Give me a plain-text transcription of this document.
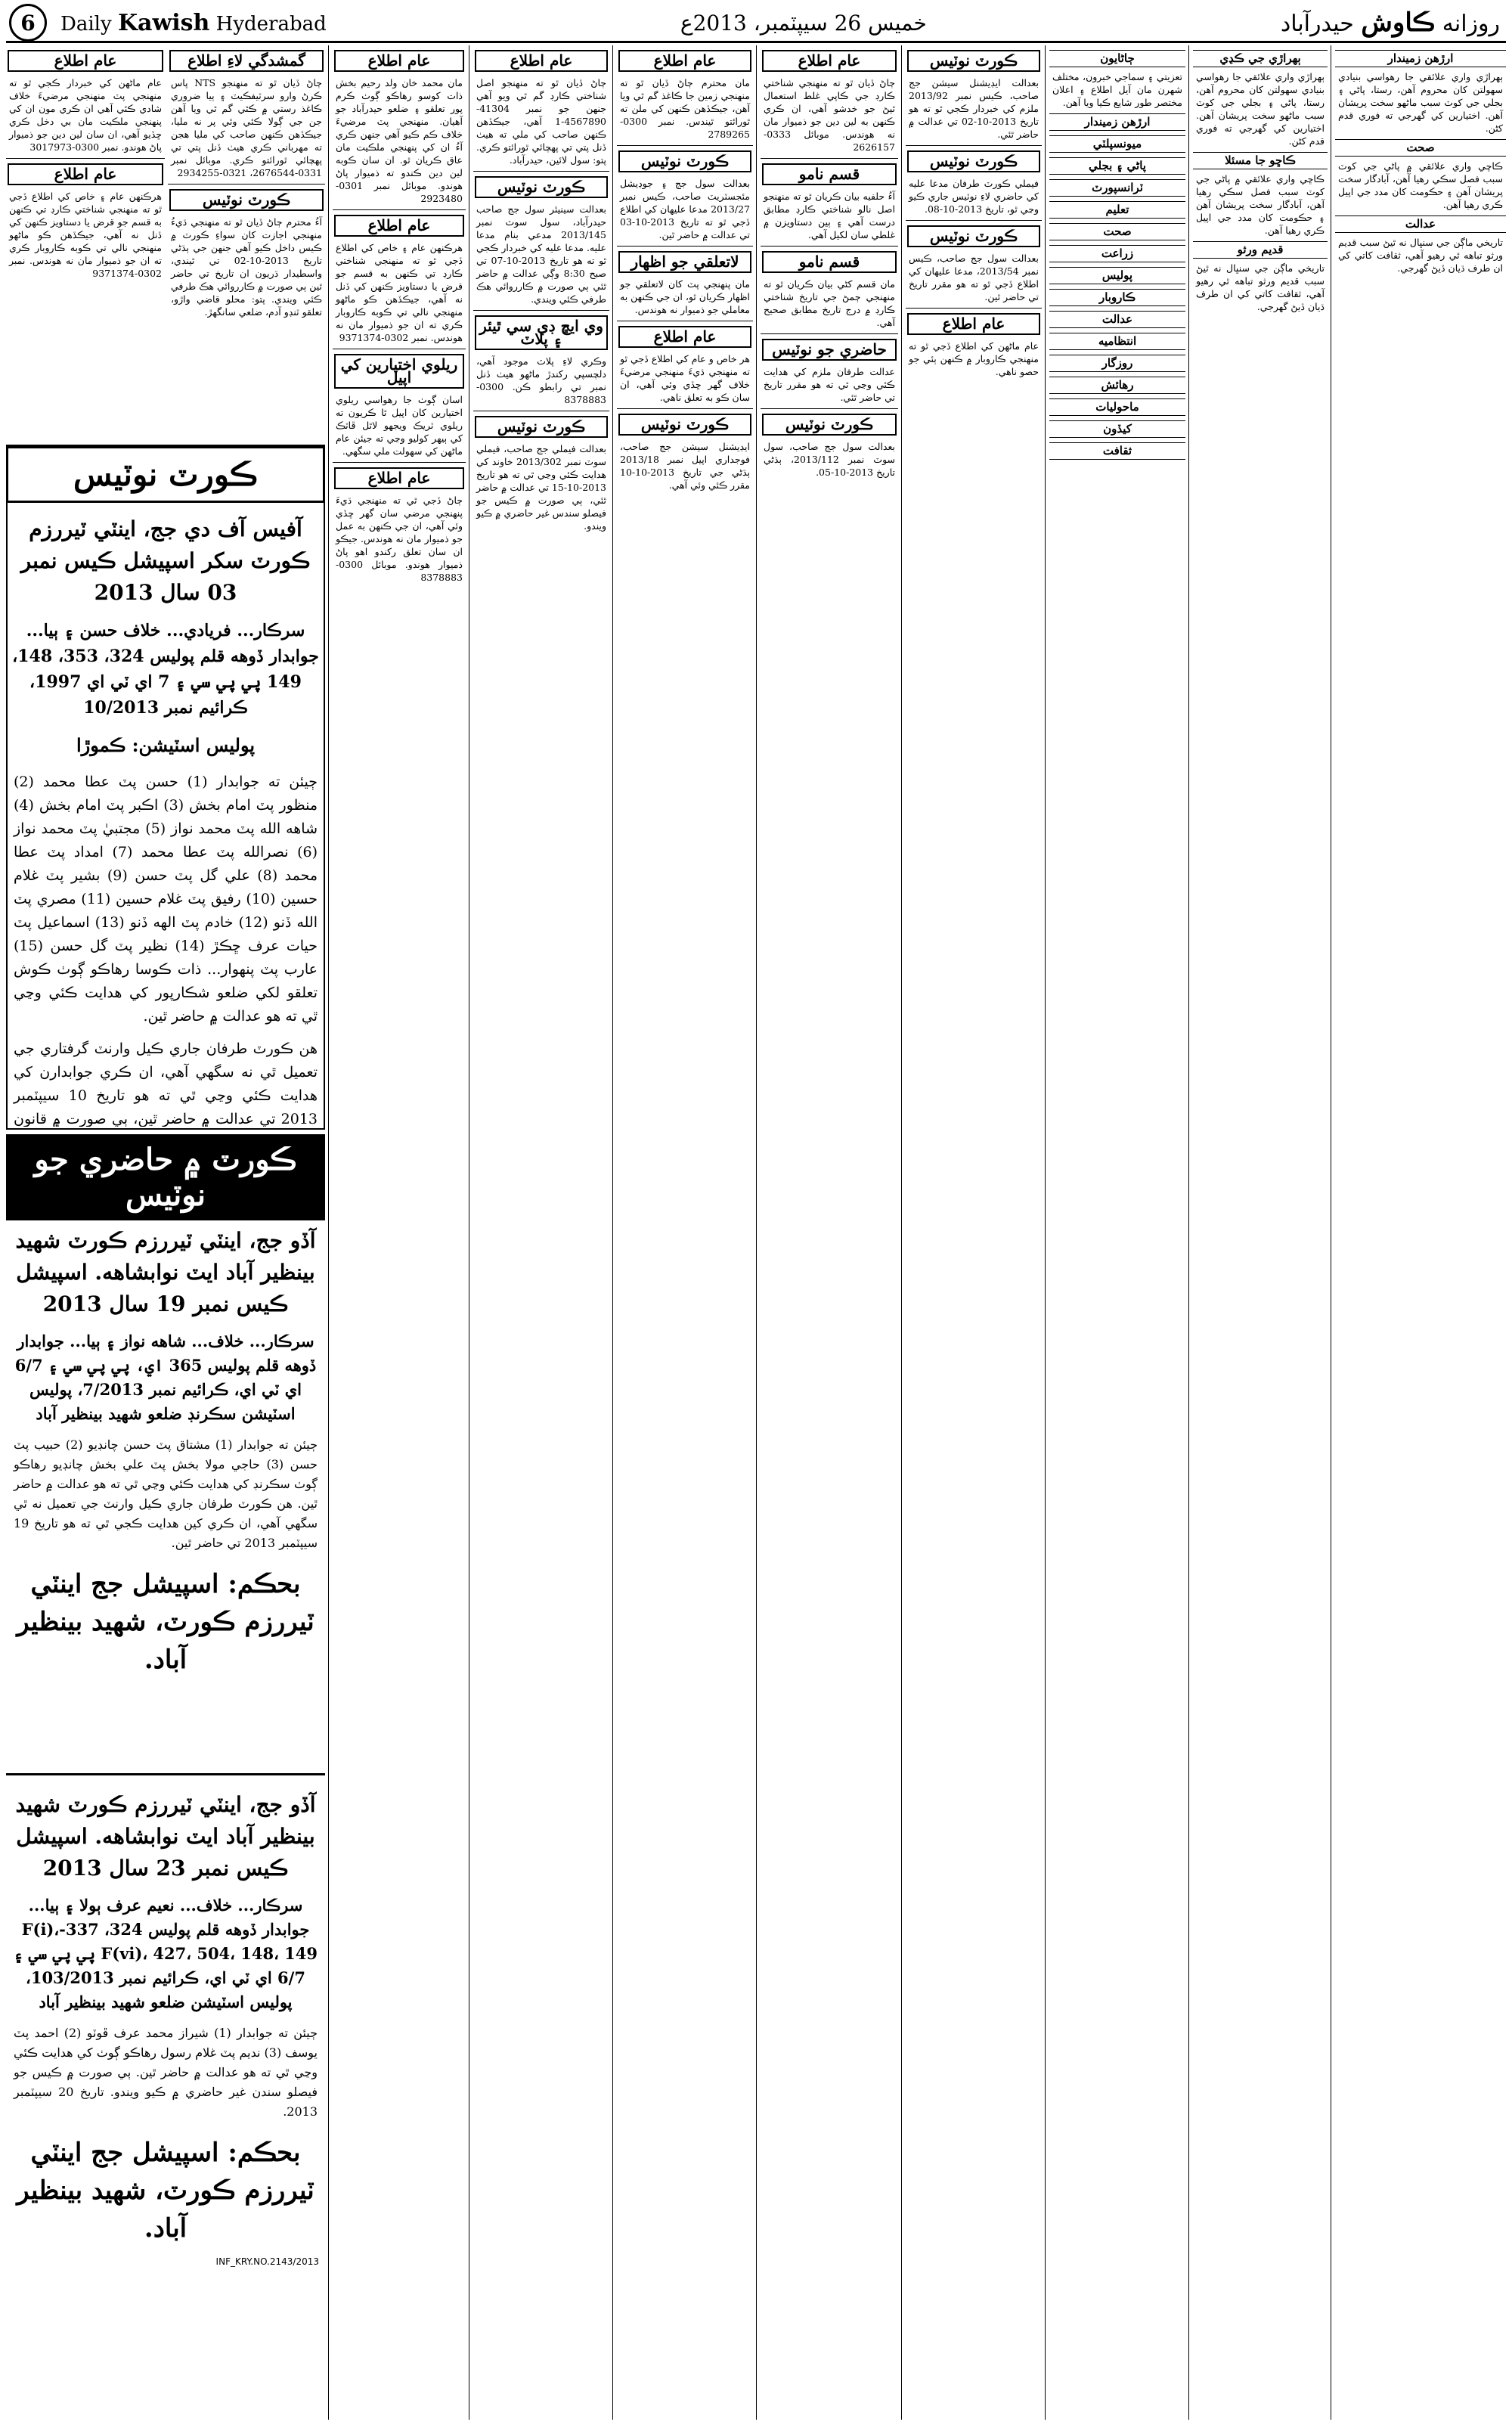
6	Daily Kawish Hyderabad	خميس 26 سيپٽمبر، 2013ع	روزانه ڪاوش حيدرآباد
عام اطلاع
عام ماڻهن کي خبردار ڪجي ٿو ته منهنجي پٽ منهنجي مرضيءَ خلاف شادي ڪئي آهي ان ڪري مون ان کي پنهنجي ملڪيت مان بي دخل ڪري ڇڏيو آهي، ان سان لين دين جو ذميوار پاڻ هوندو. نمبر 0300-3017973
عام اطلاع
هرڪنهن عام ۽ خاص کي اطلاع ڏجي ٿو ته منهنجي شناختي ڪارڊ تي ڪنهن به قسم جو قرض يا دستاويز ڪنهن کي ڏنل نه آهي، جيڪڏهن ڪو ماڻهو منهنجي نالي تي ڪوبه ڪاروبار ڪري ته ان جو ذميوار مان نه هوندس. نمبر 0302-9371374
گمشدگي لاءِ اطلاع
ڄاڻ ڏيان ٿو ته منهنجو NTS پاس ڪرڻ وارو سرٽيفڪيٽ ۽ ٻيا ضروري ڪاغذ رستي ۾ ڪٿي گم ٿي ويا آهن جن جي ڳولا ڪئي وئي پر نه مليا، جيڪڏهن ڪنهن صاحب کي مليا هجن ته مهرباني ڪري هيٺ ڏنل پتي تي پهچائي ٿورائتو ڪري. موبائل نمبر 0331-2676544، 0321-2934255
ڪورٽ نوٽيس
آءُ محترم ڄاڻ ڏيان ٿو ته منهنجي ڌيءُ منهنجي اجازت کان سواءِ ڪورٽ ۾ ڪيس داخل ڪيو آهي جنهن جي ٻڌڻي تاريخ 2013-10-02 تي ٿيندي، واسطيدار ڌريون ان تاريخ تي حاضر ٿين ٻي صورت ۾ ڪارروائي هڪ طرفي ڪئي ويندي. پتو: محلو قاضي واڙو، تعلقو ٽنڊو آدم، ضلعي سانگهڙ.
ڪورٽ نوٽيس
آفيس آف دي جج، اينٽي ٽيررزم ڪورٽ سکر اسپيشل ڪيس نمبر 03 سال 2013
سرڪار... فريادي... خلاف حسن ۽ ٻيا... جوابدار ڏوهه قلم پوليس 324، 353، 148، 149 پي پي سي ۽ 7 اي ٽي اي 1997، ڪرائيم نمبر 10/2013
پوليس اسٽيشن: ڪموڙا
ڄيئن ته جوابدار (1) حسن پٽ عطا محمد (2) منظور پٽ امام بخش (3) اڪبر پٽ امام بخش (4) شاهه الله پٽ محمد نواز (5) مجتبيٰ پٽ محمد نواز (6) نصرالله پٽ عطا محمد (7) امداد پٽ عطا محمد (8) علي گل پٽ حسن (9) بشير پٽ غلام حسين (10) رفيق پٽ غلام حسين (11) مصري پٽ الله ڏنو (12) خادم پٽ الهه ڏنو (13) اسماعيل پٽ حيات عرف ڇڪڙ (14) نظير پٽ گل حسن (15) عارب پٽ پنهوار... ذات ڪوسا رهاڪو ڳوٺ ڪوش تعلقو لکي ضلعو شڪارپور کي هدايت ڪئي وڃي ٿي ته هو عدالت ۾ حاضر ٿين.
هن ڪورٽ طرفان جاري ڪيل وارنٽ گرفتاري جي تعميل ٿي نه سگهي آهي، ان ڪري جوابدارن کي هدايت ڪئي وڃي ٿي ته هو تاريخ 10 سيپٽمبر 2013 تي عدالت ۾ حاضر ٿين، ٻي صورت ۾ قانون
ڪورٽ ۾ حاضري جو نوٽيس
آڏو جج، اينٽي ٽيررزم ڪورٽ شهيد بينظير آباد ايٽ نوابشاهه. اسپيشل ڪيس نمبر 19 سال 2013
سرڪار... خلاف... شاهه نواز ۽ ٻيا... جوابدار ڏوهه قلم پوليس 365 اي، پي پي سي ۽ 6/7 اي ٽي اي، ڪرائيم نمبر 7/2013، پوليس اسٽيشن سڪرنڊ ضلعو شهيد بينظير آباد
ڄيئن ته جوابدار (1) مشتاق پٽ حسن چانڊيو (2) حبيب پٽ حسن (3) حاجي مولا بخش پٽ علي بخش چانڊيو رهاڪو ڳوٺ سڪرنڊ کي هدايت ڪئي وڃي ٿي ته هو عدالت ۾ حاضر ٿين. هن ڪورٽ طرفان جاري ڪيل وارنٽ جي تعميل نه ٿي سگهي آهي، ان ڪري کين هدايت ڪجي ٿي ته هو تاريخ 19 سيپٽمبر 2013 تي حاضر ٿين.
بحڪم: اسپيشل جج اينٽي ٽيررزم ڪورٽ، شهيد بينظير آباد.
آڏو جج، اينٽي ٽيررزم ڪورٽ شهيد بينظير آباد ايٽ نوابشاهه. اسپيشل ڪيس نمبر 23 سال 2013
سرڪار... خلاف... نعيم عرف ٻولا ۽ ٻيا... جوابدار ڏوهه قلم پوليس 324، 337-F(i)، F(vi)، 427، 504، 148، 149 پي پي سي ۽ 6/7 اي ٽي اي، ڪرائيم نمبر 103/2013، پوليس اسٽيشن ضلعو شهيد بينظير آباد
ڄيئن ته جوابدار (1) شيراز محمد عرف ڦوٽو (2) احمد پٽ يوسف (3) نديم پٽ غلام رسول رهاڪو ڳوٺ کي هدايت ڪئي وڃي ٿي ته هو عدالت ۾ حاضر ٿين. ٻي صورت ۾ ڪيس جو فيصلو سندن غير حاضري ۾ ڪيو ويندو. تاريخ 20 سيپٽمبر 2013.
بحڪم: اسپيشل جج اينٽي ٽيررزم ڪورٽ، شهيد بينظير آباد.
INF_KRY.NO.2143/2013
عام اطلاع
مان محمد خان ولد رحيم بخش ذات کوسو رهاڪو ڳوٺ ڪرم پور تعلقو ۽ ضلعو حيدرآباد جو آهيان. منهنجي پٽ مرضيءَ خلاف ڪم ڪيو آهي جنهن ڪري آءُ ان کي پنهنجي ملڪيت مان عاق ڪريان ٿو. ان سان ڪوبه لين دين ڪندو ته ذميوار پاڻ هوندو. موبائل نمبر 0301-2923480
عام اطلاع
هرڪنهن عام ۽ خاص کي اطلاع ڏجي ٿو ته منهنجي شناختي ڪارڊ تي ڪنهن به قسم جو قرض يا دستاويز ڪنهن کي ڏنل نه آهي، جيڪڏهن ڪو ماڻهو منهنجي نالي تي ڪوبه ڪاروبار ڪري ته ان جو ذميوار مان نه هوندس. نمبر 0302-9371374
ريلوي اختيارين کي اپيل
اسان ڳوٺ جا رهواسي ريلوي اختيارين کان اپيل ٿا ڪريون ته ريلوي ٽريڪ ويجهو لاٿل ڦاٽڪ کي ٻيهر کوليو وڃي ته جيئن عام ماڻهن کي سهولت ملي سگهي.
عام اطلاع
ڄاڻ ڏجي ٿي ته منهنجي ڌيءَ پنهنجي مرضي سان گهر ڇڏي وئي آهي، ان جي ڪنهن به عمل جو ذميوار مان نه هوندس. جيڪو ان سان تعلق رکندو اهو پاڻ ذميوار هوندو. موبائل 0300-8378883
عام اطلاع
ڄاڻ ڏيان ٿو ته منهنجو اصل شناختي ڪارڊ گم ٿي ويو آهي جنهن جو نمبر 41304-4567890-1 آهي، جيڪڏهن ڪنهن صاحب کي ملي ته هيٺ ڏنل پتي تي پهچائي ٿورائتو ڪري. پتو: سول لائين، حيدرآباد.
ڪورٽ نوٽيس
بعدالت سينيئر سول جج صاحب حيدرآباد، سول سوٽ نمبر 2013/145 مدعي بنام مدعا عليه. مدعا عليه کي خبردار ڪجي ٿو ته هو تاريخ 2013-10-07 تي صبح 8:30 وڳي عدالت ۾ حاضر ٿئي ٻي صورت ۾ ڪارروائي هڪ طرفي ڪئي ويندي.
وي ايڇ ڊي سي ٿيئر ۽ پلاٽ
وڪري لاءِ پلاٽ موجود آهي، دلچسپي رکندڙ ماڻهو هيٺ ڏنل نمبر تي رابطو ڪن. 0300-8378883
ڪورٽ نوٽيس
بعدالت فيملي جج صاحب، فيملي سوٽ نمبر 2013/302 خاوند کي هدايت ڪئي وڃي ٿي ته هو تاريخ 2013-10-15 تي عدالت ۾ حاضر ٿئي، ٻي صورت ۾ ڪيس جو فيصلو سندس غير حاضري ۾ ڪيو ويندو.
عام اطلاع
مان محترم ڄاڻ ڏيان ٿو ته منهنجي زمين جا ڪاغذ گم ٿي ويا آهن، جيڪڏهن ڪنهن کي ملن ته ٿورائتو ٿيندس. نمبر 0300-2789265
ڪورٽ نوٽيس
بعدالت سول جج ۽ جوڊيشل مئجسٽريٽ صاحب، ڪيس نمبر 2013/27 مدعا عليهان کي اطلاع ڏجي ٿو ته تاريخ 2013-10-03 تي عدالت ۾ حاضر ٿين.
لاتعلقي جو اظهار
مان پنهنجي پٽ کان لاتعلقي جو اظهار ڪريان ٿو، ان جي ڪنهن به معاملي جو ذميوار نه هوندس.
عام اطلاع
هر خاص و عام کي اطلاع ڏجي ٿو ته منهنجي ڌيءَ منهنجي مرضيءَ خلاف گهر ڇڏي وئي آهي، ان سان ڪو به تعلق ناهي.
ڪورٽ نوٽيس
ايڊيشنل سيشن جج صاحب، فوجداري اپيل نمبر 2013/18 ٻڌڻي جي تاريخ 2013-10-10 مقرر ڪئي وئي آهي.
عام اطلاع
ڄاڻ ڏيان ٿو ته منهنجي شناختي ڪارڊ جي ڪاپي غلط استعمال ٿيڻ جو خدشو آهي، ان ڪري ڪنهن به لين دين جو ذميوار مان نه هوندس. موبائل 0333-2626157
قسم نامو
آءُ حلفيه بيان ڪريان ٿو ته منهنجو اصل نالو شناختي ڪارڊ مطابق درست آهي ۽ ٻين دستاويزن ۾ غلطي سان لکيل آهي.
قسم نامو
مان قسم کڻي بيان ڪريان ٿو ته منهنجي ڄمڻ جي تاريخ شناختي ڪارڊ ۾ درج تاريخ مطابق صحيح آهي.
حاضري جو نوٽيس
عدالت طرفان ملزم کي هدايت ڪئي وڃي ٿي ته هو مقرر تاريخ تي حاضر ٿئي.
ڪورٽ نوٽيس
بعدالت سول جج صاحب، سول سوٽ نمبر 2013/112، ٻڌڻي تاريخ 2013-10-05.
ڪورٽ نوٽيس
بعدالت ايڊيشنل سيشن جج صاحب، ڪيس نمبر 2013/92 ملزم کي خبردار ڪجي ٿو ته هو تاريخ 2013-10-02 تي عدالت ۾ حاضر ٿئي.
ڪورٽ نوٽيس
فيملي ڪورٽ طرفان مدعا عليه کي حاضري لاءِ نوٽيس جاري ڪيو وڃي ٿو، تاريخ 2013-10-08.
ڪورٽ نوٽيس
بعدالت سول جج صاحب، ڪيس نمبر 2013/54، مدعا عليهان کي اطلاع ڏجي ٿو ته هو مقرر تاريخ تي حاضر ٿين.
عام اطلاع
عام ماڻهن کي اطلاع ڏجي ٿو ته منهنجي ڪاروبار ۾ ڪنهن ٻئي جو حصو ناهي.
ڄاڻايون
تعزيتي ۽ سماجي خبرون، مختلف شهرن مان آيل اطلاع ۽ اعلان مختصر طور شايع ڪيا ويا آهن.
ارڙهن زميندار
ميونسپلٽي
پاڻي ۽ بجلي
ٽرانسپورٽ
تعليم
صحت
زراعت
پوليس
ڪاروبار
عدالت
انتظاميه
روزگار
رهائش
ماحوليات
کيڏون
ثقافت
ٻهراڙي جي ڪڍي
ٻهراڙي واري علائقي جا رهواسي بنيادي سهولتن کان محروم آهن، رستا، پاڻي ۽ بجلي جي کوٽ سبب ماڻهو سخت پريشان آهن. اختيارين کي گهرجي ته فوري قدم کڻن.
ڪاڇو جا مسئلا
ڪاڇي واري علائقي ۾ پاڻي جي کوٽ سبب فصل سڪي رهيا آهن، آبادگار سخت پريشان آهن ۽ حڪومت کان مدد جي اپيل ڪري رهيا آهن.
قديم ورثو
تاريخي ماڳن جي سنڀال نه ٿيڻ سبب قديم ورثو تباهه ٿي رهيو آهي، ثقافت کاتي کي ان طرف ڌيان ڏيڻ گهرجي.
ارڙهن زميندار
ٻهراڙي واري علائقي جا رهواسي بنيادي سهولتن کان محروم آهن، رستا، پاڻي ۽ بجلي جي کوٽ سبب ماڻهو سخت پريشان آهن. اختيارين کي گهرجي ته فوري قدم کڻن.
صحت
ڪاڇي واري علائقي ۾ پاڻي جي کوٽ سبب فصل سڪي رهيا آهن، آبادگار سخت پريشان آهن ۽ حڪومت کان مدد جي اپيل ڪري رهيا آهن.
عدالت
تاريخي ماڳن جي سنڀال نه ٿيڻ سبب قديم ورثو تباهه ٿي رهيو آهي، ثقافت کاتي کي ان طرف ڌيان ڏيڻ گهرجي.
